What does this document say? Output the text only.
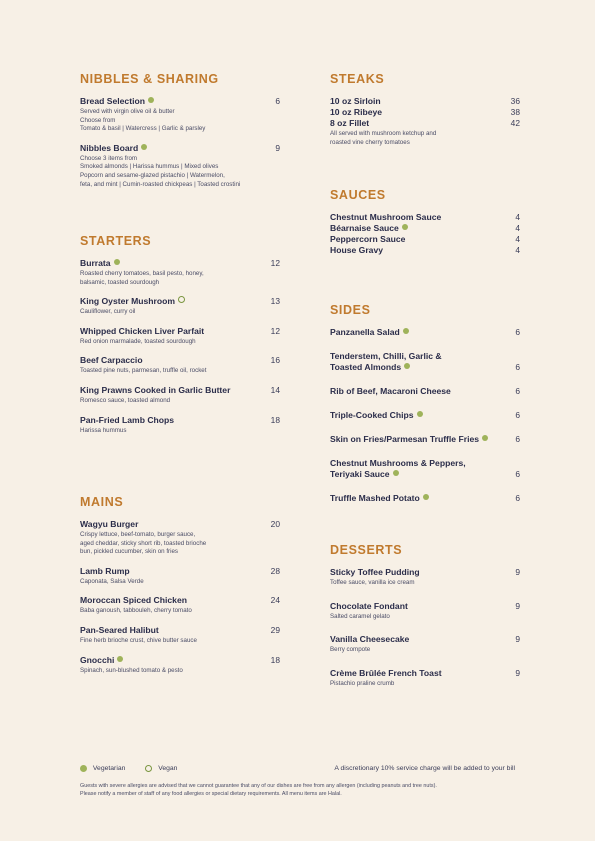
NIBBLES & SHARING
Bread Selection	6
Served with virgin olive oil & butter
Choose from
Tomato & basil | Watercress | Garlic & parsley
Nibbles Board	9
Choose 3 items from
Smoked almonds | Harissa hummus | Mixed olives
Popcorn and sesame-glazed pistachio | Watermelon,
feta, and mint | Cumin-roasted chickpeas | Toasted crostini
STARTERS
Burrata	12
Roasted cherry tomatoes, basil pesto, honey,
balsamic, toasted sourdough
King Oyster Mushroom	13
Cauliflower, curry oil
Whipped Chicken Liver Parfait	12
Red onion marmalade, toasted sourdough
Beef Carpaccio	16
Toasted pine nuts, parmesan, truffle oil, rocket
King Prawns Cooked in Garlic Butter	14
Romesco sauce, toasted almond
Pan-Fried Lamb Chops	18
Harissa hummus
MAINS
Wagyu Burger	20
Crispy lettuce, beef-tomato, burger sauce,
aged cheddar, sticky short rib, toasted brioche
bun, pickled cucumber, skin on fries
Lamb Rump	28
Caponata, Salsa Verde
Moroccan Spiced Chicken	24
Baba ganoush, tabbouleh, cherry tomato
Pan-Seared Halibut	29
Fine herb brioche crust, chive butter sauce
Gnocchi	18
Spinach, sun-blushed tomato & pesto
STEAKS
10 oz Sirloin	36
10 oz Ribeye	38
8 oz Fillet	42
All served with mushroom ketchup and
roasted vine cherry tomatoes
SAUCES
Chestnut Mushroom Sauce	4
Béarnaise Sauce	4
Peppercorn Sauce	4
House Gravy	4
SIDES
Panzanella Salad	6
Tenderstem, Chilli, Garlic &
Toasted Almonds	6
Rib of Beef, Macaroni Cheese	6
Triple-Cooked Chips	6
Skin on Fries/Parmesan Truffle Fries	6
Chestnut Mushrooms & Peppers,
Teriyaki Sauce	6
Truffle Mashed Potato	6
DESSERTS
Sticky Toffee Pudding	9
Toffee sauce, vanilla ice cream
Chocolate Fondant	9
Salted caramel gelato
Vanilla Cheesecake	9
Berry compote
Crème Brûlée French Toast	9
Pistachio praline crumb
Vegetarian	Vegan	A discretionary 10% service charge will be added to your bill
Guests with severe allergies are advised that we cannot guarantee that any of our dishes are free from any allergen (including peanuts and tree nuts).
Please notify a member of staff of any food allergies or special dietary requirements. All menu items are Halal.
